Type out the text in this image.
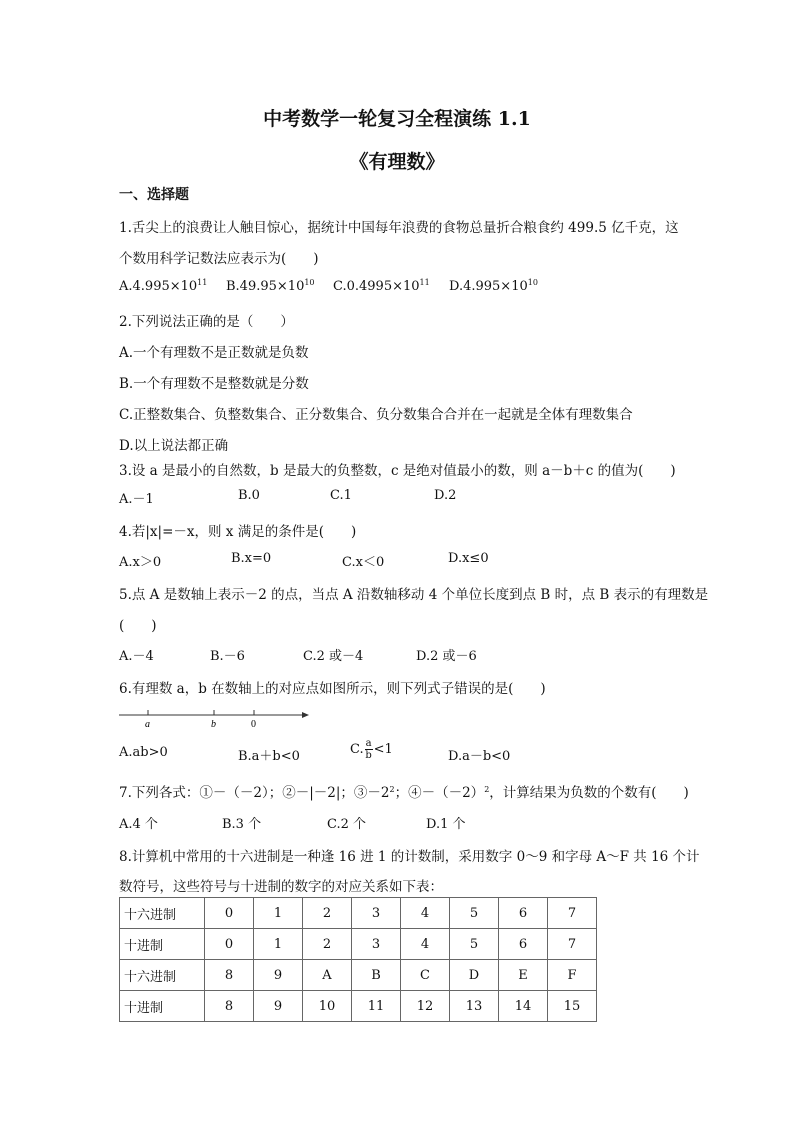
中考数学一轮复习全程演练 1.1
《有理数》
一、选择题
1.舌尖上的浪费让人触目惊心，据统计中国每年浪费的食物总量折合粮食约 499.5 亿千克，这
个数用科学记数法应表示为(　　)
$A.4.995\times 10^{11}$ $B.49.95\times 10^{10}$ $C.0.4995\times 10^{11}$ $D.4.995\times 10^{10}$
2.下列说法正确的是（　　）
A.一个有理数不是正数就是负数
B.一个有理数不是整数就是分数
C.正整数集合、负整数集合、正分数集合、负分数集合合并在一起就是全体有理数集合
D.以上说法都正确
3.设 a 是最小的自然数，b 是最大的负整数，c 是绝对值最小的数，则 a－b＋c 的值为(　　)
A.－1	B.0	C.1	D.2
4.若|x|=－x，则 x 满足的条件是(　　)
A.x＞0	B.x=0	C.x＜0	D.x≤0
5.点 A 是数轴上表示－2 的点，当点 A 沿数轴移动 4 个单位长度到点 B 时，点 B 表示的有理数是
(　　)
A.－4	B.－6	C.2 或－4	D.2 或－6
6.有理数 a，b 在数轴上的对应点如图所示，则下列式子错误的是(　　)
a	b	0
A.ab>0	B.a＋b<0	C. $\frac{a}{b} <1$	D.a－b<0
7.下列各式：①－（－2）；②－|－2|；$③-2^2$；$④-(-2)^2$，计算结果为负数的个数有(　　)
A.4 个	B.3 个	C.2 个	D.1 个
8.计算机中常用的十六进制是一种逢 16 进 1 的计数制，采用数字 0～9 和字母 A～F 共 16 个计
数符号，这些符号与十进制的数字的对应关系如下表：
十六进制	0	1	2	3	4	5	6	7
十进制	0	1	2	3	4	5	6	7
十六进制	8	9	A	B	C	D	E	F
十进制	8	9	10	11	12	13	14	15
